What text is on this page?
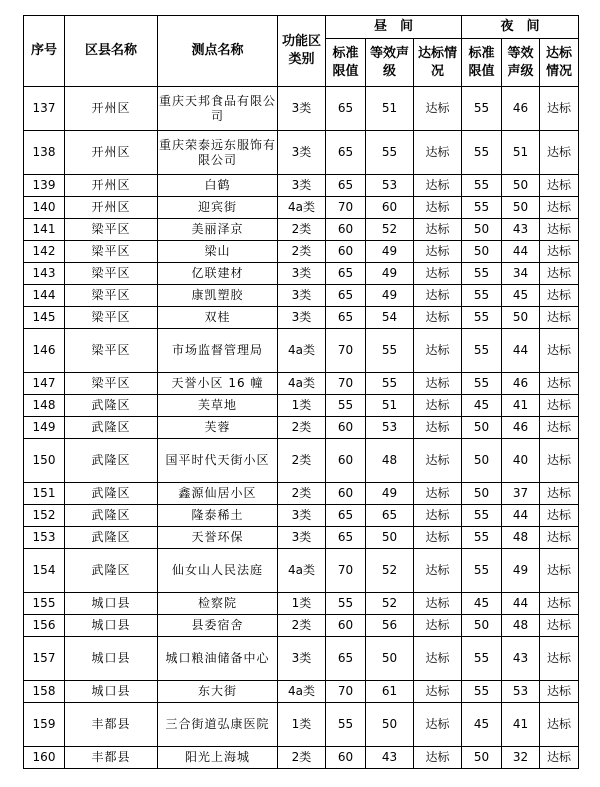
序号	区县名称	测点名称	功能区类别	昼　间			夜　间		
				标准限值	等效声级	达标情况	标准限值	等效声级	达标情况
137	开州区	重庆天邦食品有限公司	3类	65	51	达标	55	46	达标
138	开州区	重庆荣泰远东服饰有限公司	3类	65	55	达标	55	51	达标
139	开州区	白鹤	3类	65	53	达标	55	50	达标
140	开州区	迎宾街	4a类	70	60	达标	55	50	达标
141	梁平区	美丽泽京	2类	60	52	达标	50	43	达标
142	梁平区	梁山	2类	60	49	达标	50	44	达标
143	梁平区	亿联建材	3类	65	49	达标	55	34	达标
144	梁平区	康凯塑胶	3类	65	49	达标	55	45	达标
145	梁平区	双桂	3类	65	54	达标	55	50	达标
146	梁平区	市场监督管理局	4a类	70	55	达标	55	44	达标
147	梁平区	天誉小区 16 幢	4a类	70	55	达标	55	46	达标
148	武隆区	芙草地	1类	55	51	达标	45	41	达标
149	武隆区	芙蓉	2类	60	53	达标	50	46	达标
150	武隆区	国平时代天街小区	2类	60	48	达标	50	40	达标
151	武隆区	鑫源仙居小区	2类	60	49	达标	50	37	达标
152	武隆区	隆泰稀土	3类	65	65	达标	55	44	达标
153	武隆区	天誉环保	3类	65	50	达标	55	48	达标
154	武隆区	仙女山人民法庭	4a类	70	52	达标	55	49	达标
155	城口县	检察院	1类	55	52	达标	45	44	达标
156	城口县	县委宿舍	2类	60	56	达标	50	48	达标
157	城口县	城口粮油储备中心	3类	65	50	达标	55	43	达标
158	城口县	东大街	4a类	70	61	达标	55	53	达标
159	丰都县	三合街道弘康医院	1类	55	50	达标	45	41	达标
160	丰都县	阳光上海城	2类	60	43	达标	50	32	达标
